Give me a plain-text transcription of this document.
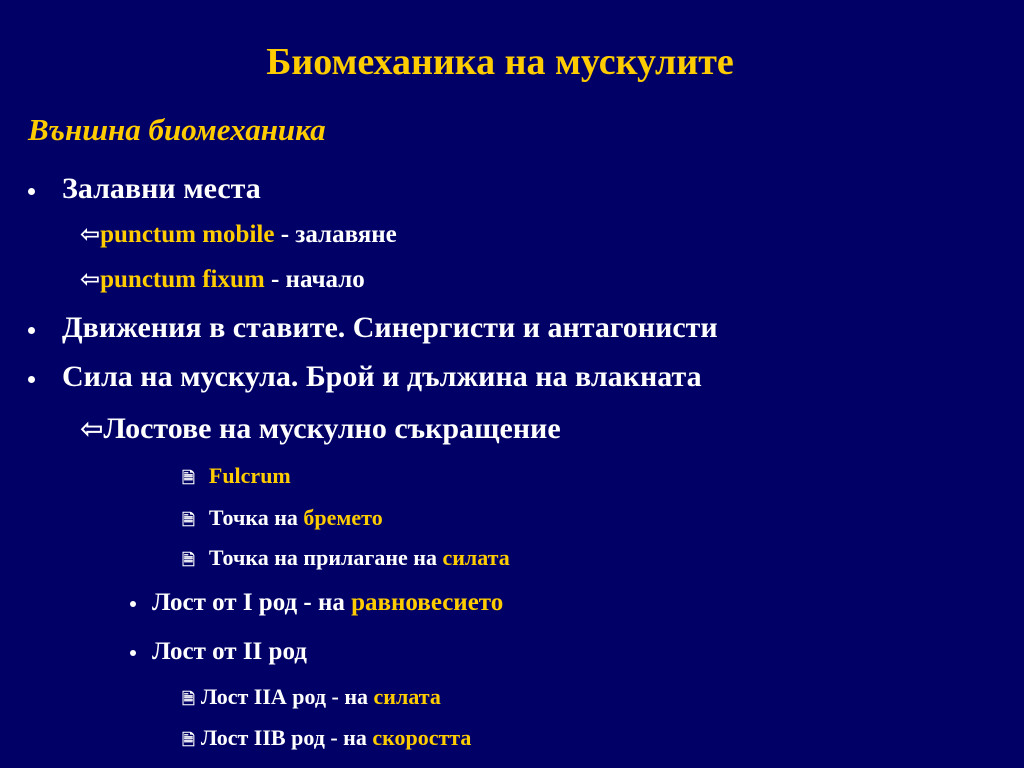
Биомеханика на мускулите
Външна биомеханика
Залавни места
⇦punctum mobile - залавяне
⇦punctum fixum - начало
Движения в ставите. Синергисти и антагонисти
Сила на мускула. Брой и дължина на влакната
⇦Лостове на мускулно съкращение
🗎 Fulcrum
🗎 Точка на бремето
🗎 Точка на прилагане на силата
Лост от I род - на равновесието
Лост от II род
🗎 Лост IIА род - на силата
🗎 Лост IIВ род - на скоростта
